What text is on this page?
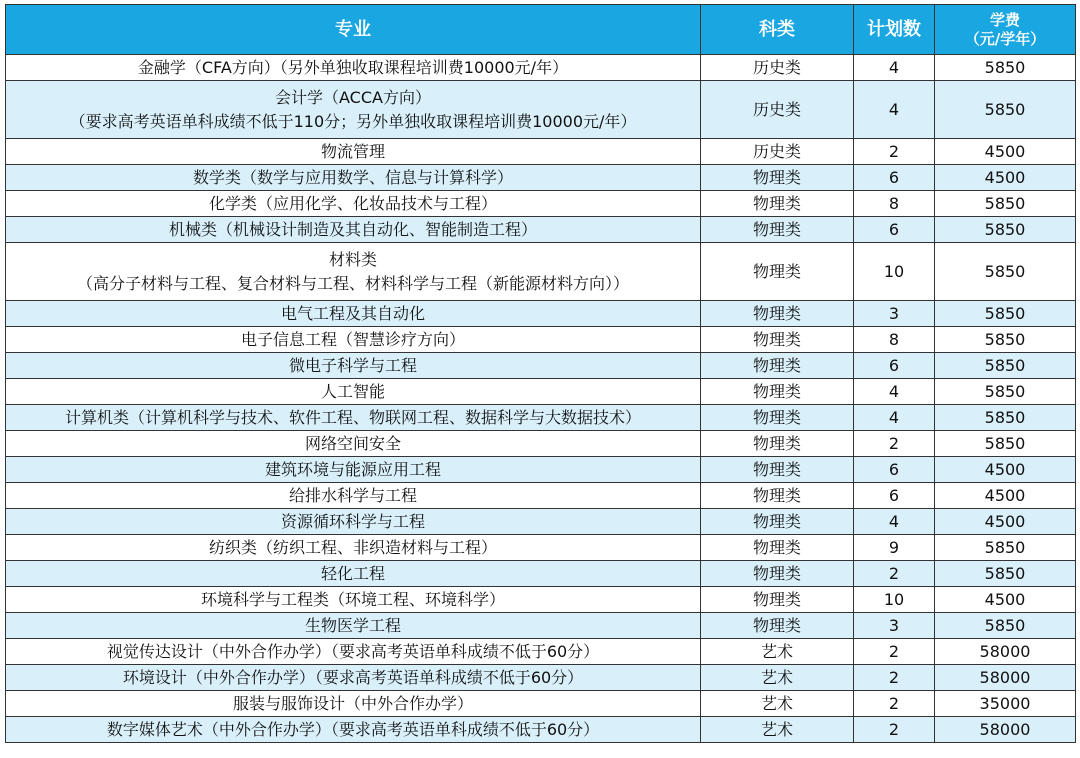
专业	科类	计划数	学费
（元/学年）

金融学（CFA方向）（另外单独收取课程培训费10000元/年）	历史类	4	5850

会计学（ACCA方向）
（要求高考英语单科成绩不低于110分；另外单独收取课程培训费10000元/年）	历史类	4	5850

物流管理	历史类	2	4500

数学类（数学与应用数学、信息与计算科学）	物理类	6	4500

化学类（应用化学、化妆品技术与工程）	物理类	8	5850

机械类（机械设计制造及其自动化、智能制造工程）	物理类	6	5850

材料类
（高分子材料与工程、复合材料与工程、材料科学与工程（新能源材料方向））	物理类	10	5850

电气工程及其自动化	物理类	3	5850

电子信息工程（智慧诊疗方向）	物理类	8	5850

微电子科学与工程	物理类	6	5850

人工智能	物理类	4	5850

计算机类（计算机科学与技术、软件工程、物联网工程、数据科学与大数据技术）	物理类	4	5850

网络空间安全	物理类	2	5850

建筑环境与能源应用工程	物理类	6	4500

给排水科学与工程	物理类	6	4500

资源循环科学与工程	物理类	4	4500

纺织类（纺织工程、非织造材料与工程）	物理类	9	5850

轻化工程	物理类	2	5850

环境科学与工程类（环境工程、环境科学）	物理类	10	4500

生物医学工程	物理类	3	5850

视觉传达设计（中外合作办学）（要求高考英语单科成绩不低于60分）	艺术	2	58000

环境设计（中外合作办学）（要求高考英语单科成绩不低于60分）	艺术	2	58000

服装与服饰设计（中外合作办学）	艺术	2	35000

数字媒体艺术（中外合作办学）（要求高考英语单科成绩不低于60分）	艺术	2	58000
